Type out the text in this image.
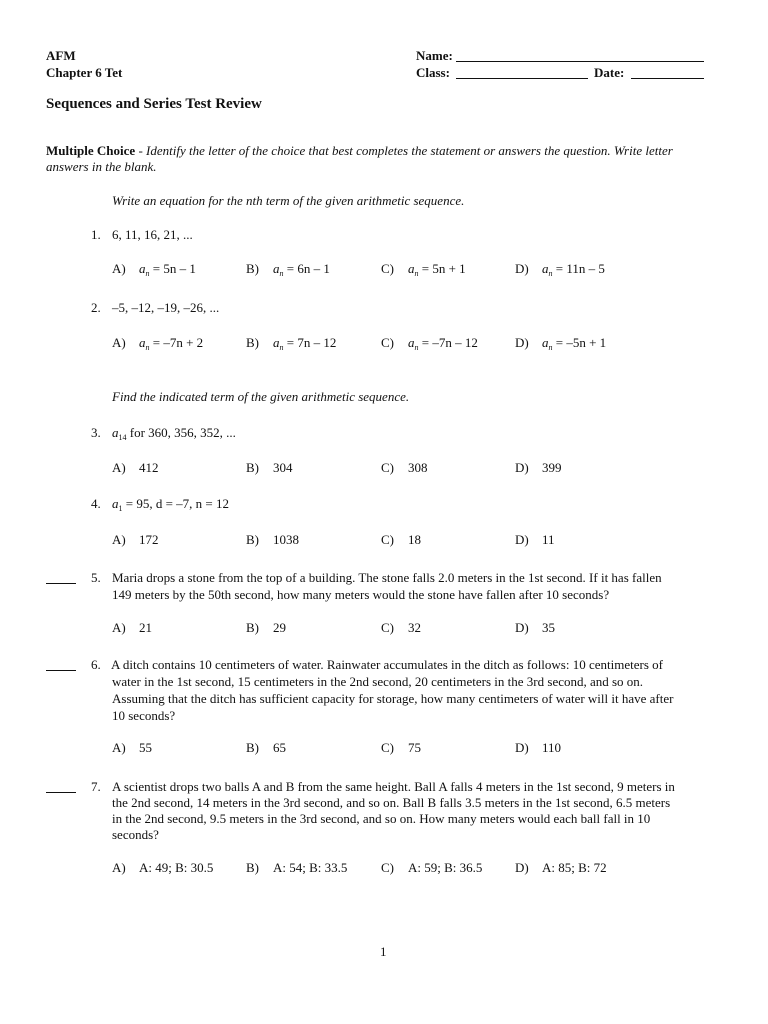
AFM
Chapter 6 Tet
Name:
Class:	Date:
Sequences and Series Test Review
Multiple Choice - Identify the letter of the choice that best completes the statement or answers the question. Write letter
answers in the blank.
Write an equation for the nth term of the given arithmetic sequence.
1. 6, 11, 16, 21, ...
A) $a_n = 5n - 1$	B) $a_n = 6n - 1$	C) $a_n = 5n + 1$	D) $a_n = 11n - 5$
2. –5, –12, –19, –26, ...
A) $a_n = -7n + 2$	B) $a_n = 7n - 12$	C) $a_n = -7n - 12$	D) $a_n = -5n + 1$
Find the indicated term of the given arithmetic sequence.
3. $a_{14}$ for 360, 356, 352, ...
A) 412	B) 304	C) 308	D) 399
4. $a_1 = 95$, d = –7, n = 12
A) 172	B) 1038	C) 18	D) 11
5. Maria drops a stone from the top of a building. The stone falls 2.0 meters in the 1st second. If it has fallen
149 meters by the 50th second, how many meters would the stone have fallen after 10 seconds?
A) 21	B) 29	C) 32	D) 35
6. A ditch contains 10 centimeters of water. Rainwater accumulates in the ditch as follows: 10 centimeters of
water in the 1st second, 15 centimeters in the 2nd second, 20 centimeters in the 3rd second, and so on.
Assuming that the ditch has sufficient capacity for storage, how many centimeters of water will it have after
10 seconds?
A) 55	B) 65	C) 75	D) 110
7. A scientist drops two balls A and B from the same height. Ball A falls 4 meters in the 1st second, 9 meters in
the 2nd second, 14 meters in the 3rd second, and so on. Ball B falls 3.5 meters in the 1st second, 6.5 meters
in the 2nd second, 9.5 meters in the 3rd second, and so on. How many meters would each ball fall in 10
seconds?
A) A: 49; B: 30.5	B) A: 54; B: 33.5	C) A: 59; B: 36.5	D) A: 85; B: 72
1
